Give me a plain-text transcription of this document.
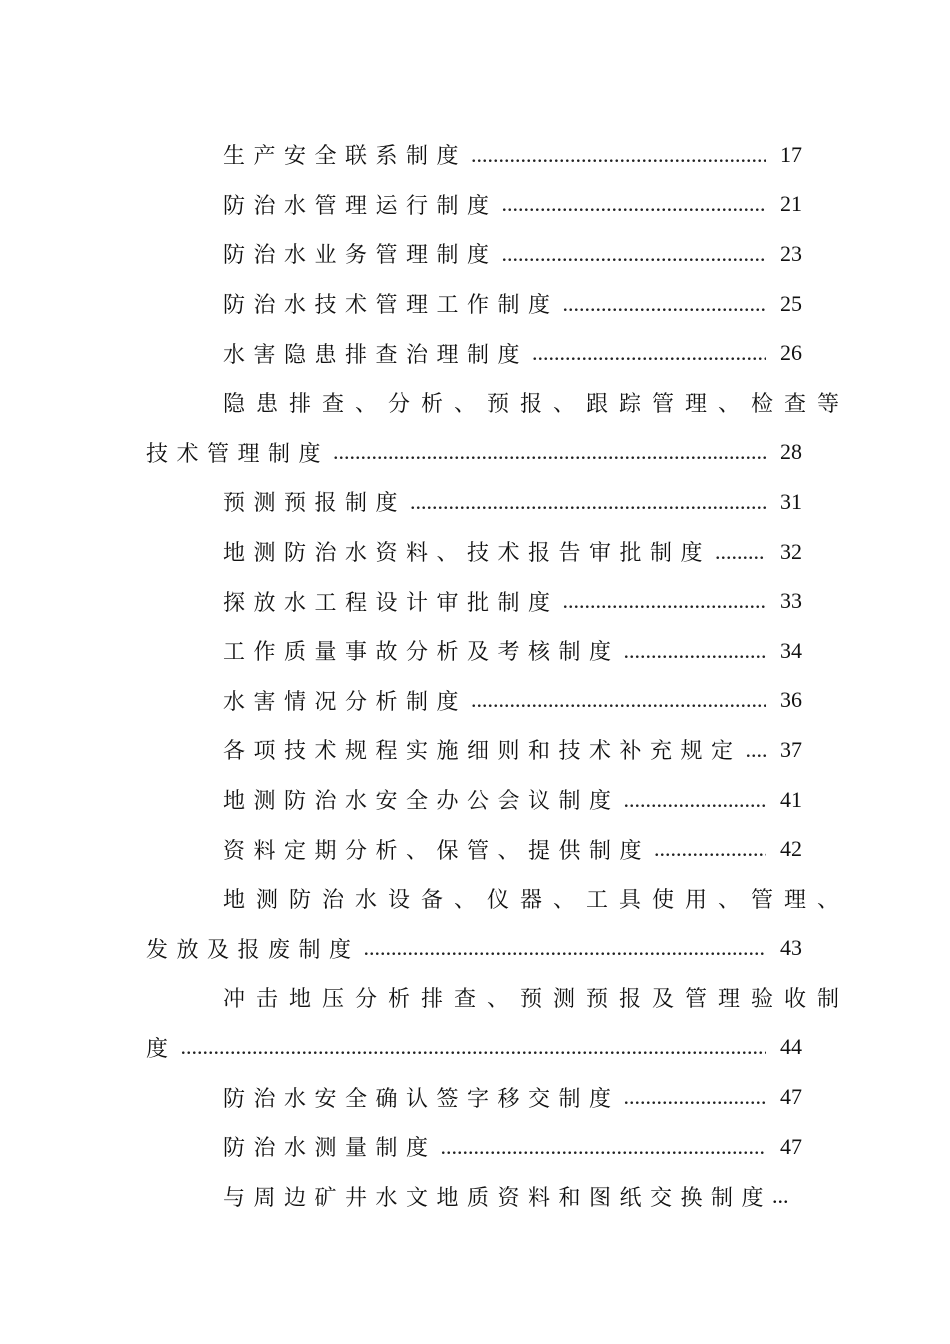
生产安全联系制度 .....	17
防治水管理运行制度 .....	21
防治水业务管理制度 .....	23
防治水技术管理工作制度 .....	25
水害隐患排查治理制度 .....	26
隐患排查、分析、预报、跟踪管理、检查等
技术管理制度 .....	28
预测预报制度 .....	31
地测防治水资料、技术报告审批制度 .....	32
探放水工程设计审批制度 .....	33
工作质量事故分析及考核制度 .....	34
水害情况分析制度 .....	36
各项技术规程实施细则和技术补充规定 ..... 37
地测防治水安全办公会议制度 .....	41
资料定期分析、保管、提供制度 .....	42
地测防治水设备、仪器、工具使用、管理、
发放及报废制度 .....	43
冲击地压分析排查、预测预报及管理验收制
度 .....	44
防治水安全确认签字移交制度 .....	47
防治水测量制度 .....	47
与周边矿井水文地质资料和图纸交换制度 ...
